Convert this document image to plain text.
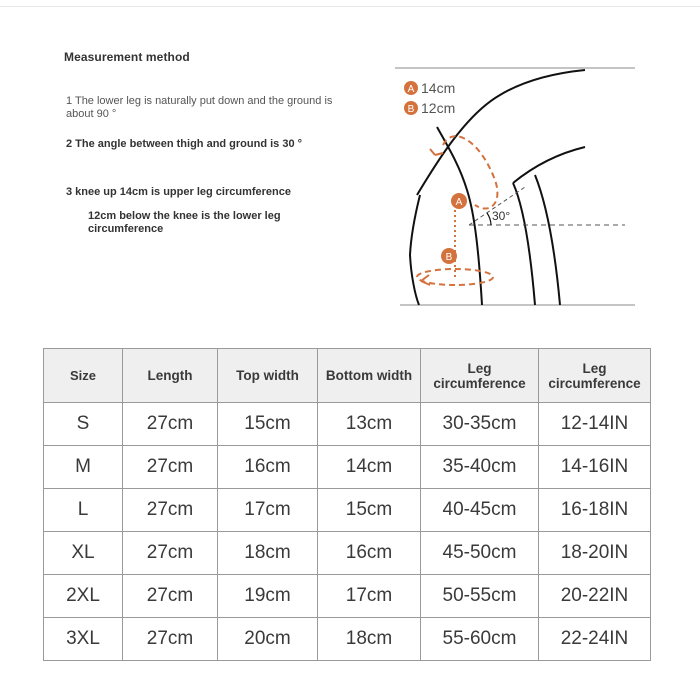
Measurement method
1 The lower leg is naturally put down and the ground is about 90 °
2 The angle between thigh and ground is 30 °
3 knee up 14cm is upper leg circumference
12cm below the knee is the lower leg circumference
A
B
A 14cm
B 12cm
30°
Size	Length	Top width	Bottom width	Leg circumference	Leg circumference
S	27cm	15cm	13cm	30-35cm	12-14IN
M	27cm	16cm	14cm	35-40cm	14-16IN
L	27cm	17cm	15cm	40-45cm	16-18IN
XL	27cm	18cm	16cm	45-50cm	18-20IN
2XL	27cm	19cm	17cm	50-55cm	20-22IN
3XL	27cm	20cm	18cm	55-60cm	22-24IN
